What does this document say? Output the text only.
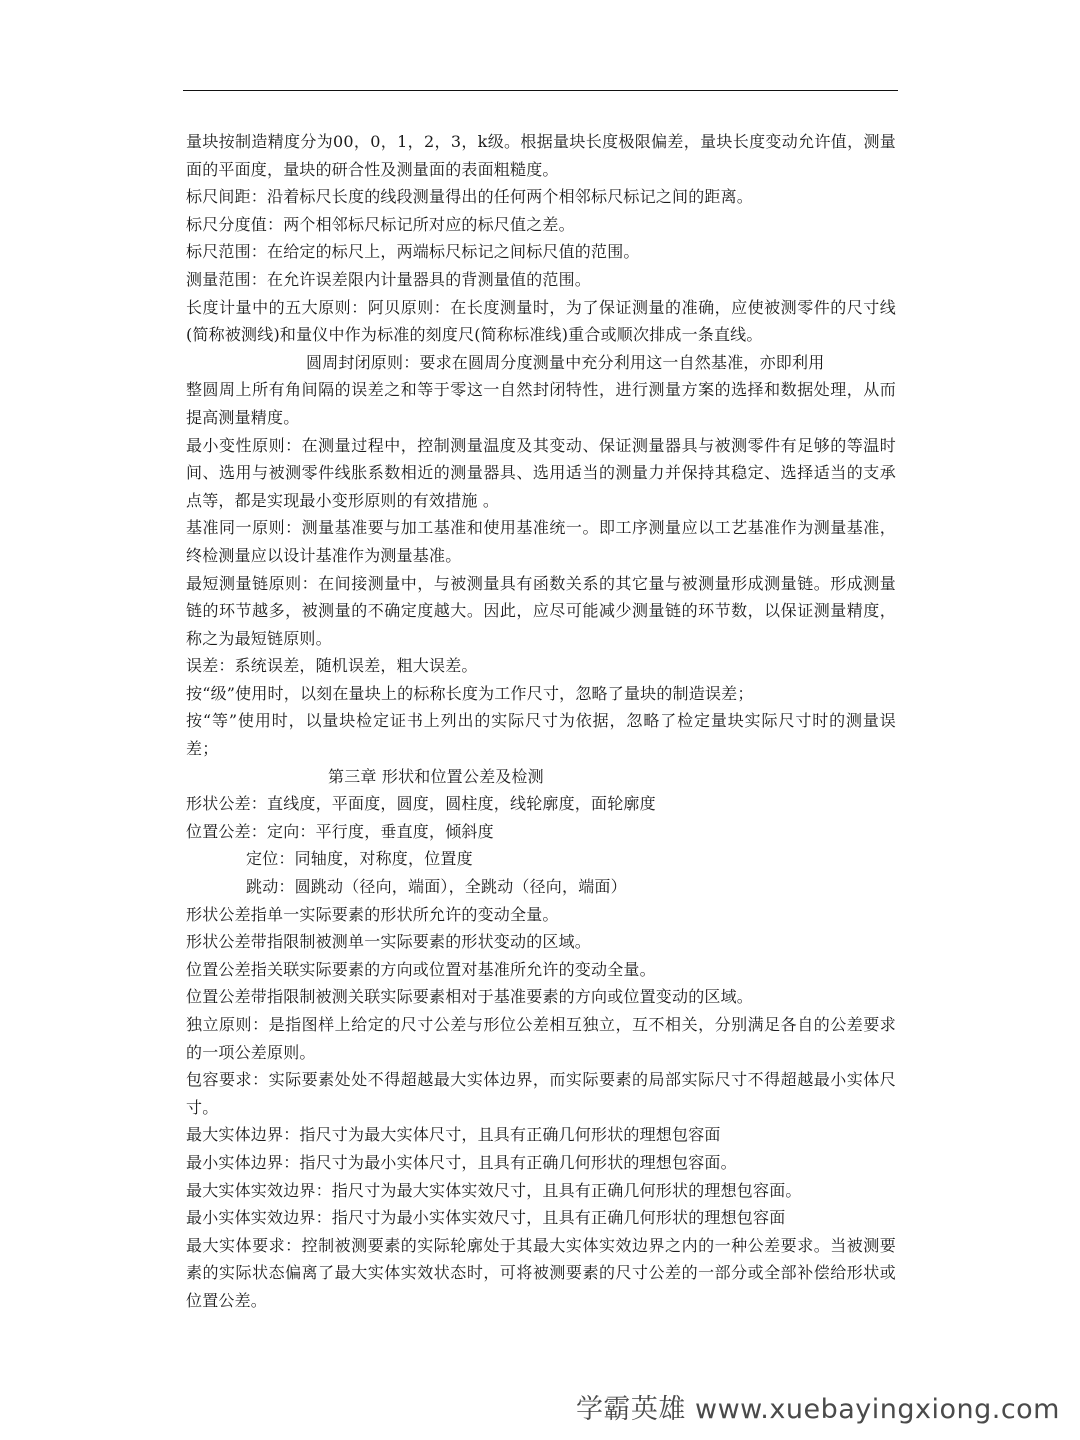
量块按制造精度分为00，0，1，2，3，k级。根据量块长度极限偏差，量块长度变动允许值，测量面的平面度，量块的研合性及测量面的表面粗糙度。

标尺间距：沿着标尺长度的线段测量得出的任何两个相邻标尺标记之间的距离。

标尺分度值：两个相邻标尺标记所对应的标尺值之差。

标尺范围：在给定的标尺上，两端标尺标记之间标尺值的范围。

测量范围：在允许误差限内计量器具的背测量值的范围。

长度计量中的五大原则：阿贝原则：在长度测量时，为了保证测量的准确，应使被测零件的尺寸线(简称被测线)和量仪中作为标准的刻度尺(简称标准线)重合或顺次排成一条直线。

圆周封闭原则：要求在圆周分度测量中充分利用这一自然基准，亦即利用

整圆周上所有角间隔的误差之和等于零这一自然封闭特性，进行测量方案的选择和数据处理，从而提高测量精度。

最小变性原则：在测量过程中，控制测量温度及其变动、保证测量器具与被测零件有足够的等温时间、选用与被测零件线胀系数相近的测量器具、选用适当的测量力并保持其稳定、选择适当的支承点等，都是实现最小变形原则的有效措施 。

基准同一原则：测量基准要与加工基准和使用基准统一。即工序测量应以工艺基准作为测量基准，终检测量应以设计基准作为测量基准。

最短测量链原则：在间接测量中，与被测量具有函数关系的其它量与被测量形成测量链。形成测量链的环节越多，被测量的不确定度越大。因此，应尽可能减少测量链的环节数，以保证测量精度，称之为最短链原则。

误差：系统误差，随机误差，粗大误差。

按“级”使用时，以刻在量块上的标称长度为工作尺寸，忽略了量块的制造误差；

按“等”使用时，以量块检定证书上列出的实际尺寸为依据，忽略了检定量块实际尺寸时的测量误差；

第三章 形状和位置公差及检测

形状公差：直线度，平面度，圆度，圆柱度，线轮廓度，面轮廓度

位置公差：定向：平行度，垂直度，倾斜度

定位：同轴度，对称度，位置度

跳动：圆跳动（径向，端面），全跳动（径向，端面）

形状公差指单一实际要素的形状所允许的变动全量。

形状公差带指限制被测单一实际要素的形状变动的区域。

位置公差指关联实际要素的方向或位置对基准所允许的变动全量。

位置公差带指限制被测关联实际要素相对于基准要素的方向或位置变动的区域。

独立原则：是指图样上给定的尺寸公差与形位公差相互独立，互不相关，分别满足各自的公差要求的一项公差原则。

包容要求：实际要素处处不得超越最大实体边界，而实际要素的局部实际尺寸不得超越最小实体尺寸。

最大实体边界：指尺寸为最大实体尺寸，且具有正确几何形状的理想包容面

最小实体边界：指尺寸为最小实体尺寸，且具有正确几何形状的理想包容面。

最大实体实效边界：指尺寸为最大实体实效尺寸，且具有正确几何形状的理想包容面。

最小实体实效边界：指尺寸为最小实体实效尺寸，且具有正确几何形状的理想包容面

最大实体要求：控制被测要素的实际轮廓处于其最大实体实效边界之内的一种公差要求。当被测要素的实际状态偏离了最大实体实效状态时，可将被测要素的尺寸公差的一部分或全部补偿给形状或位置公差。

学霸英雄 www.xuebayingxiong.com
